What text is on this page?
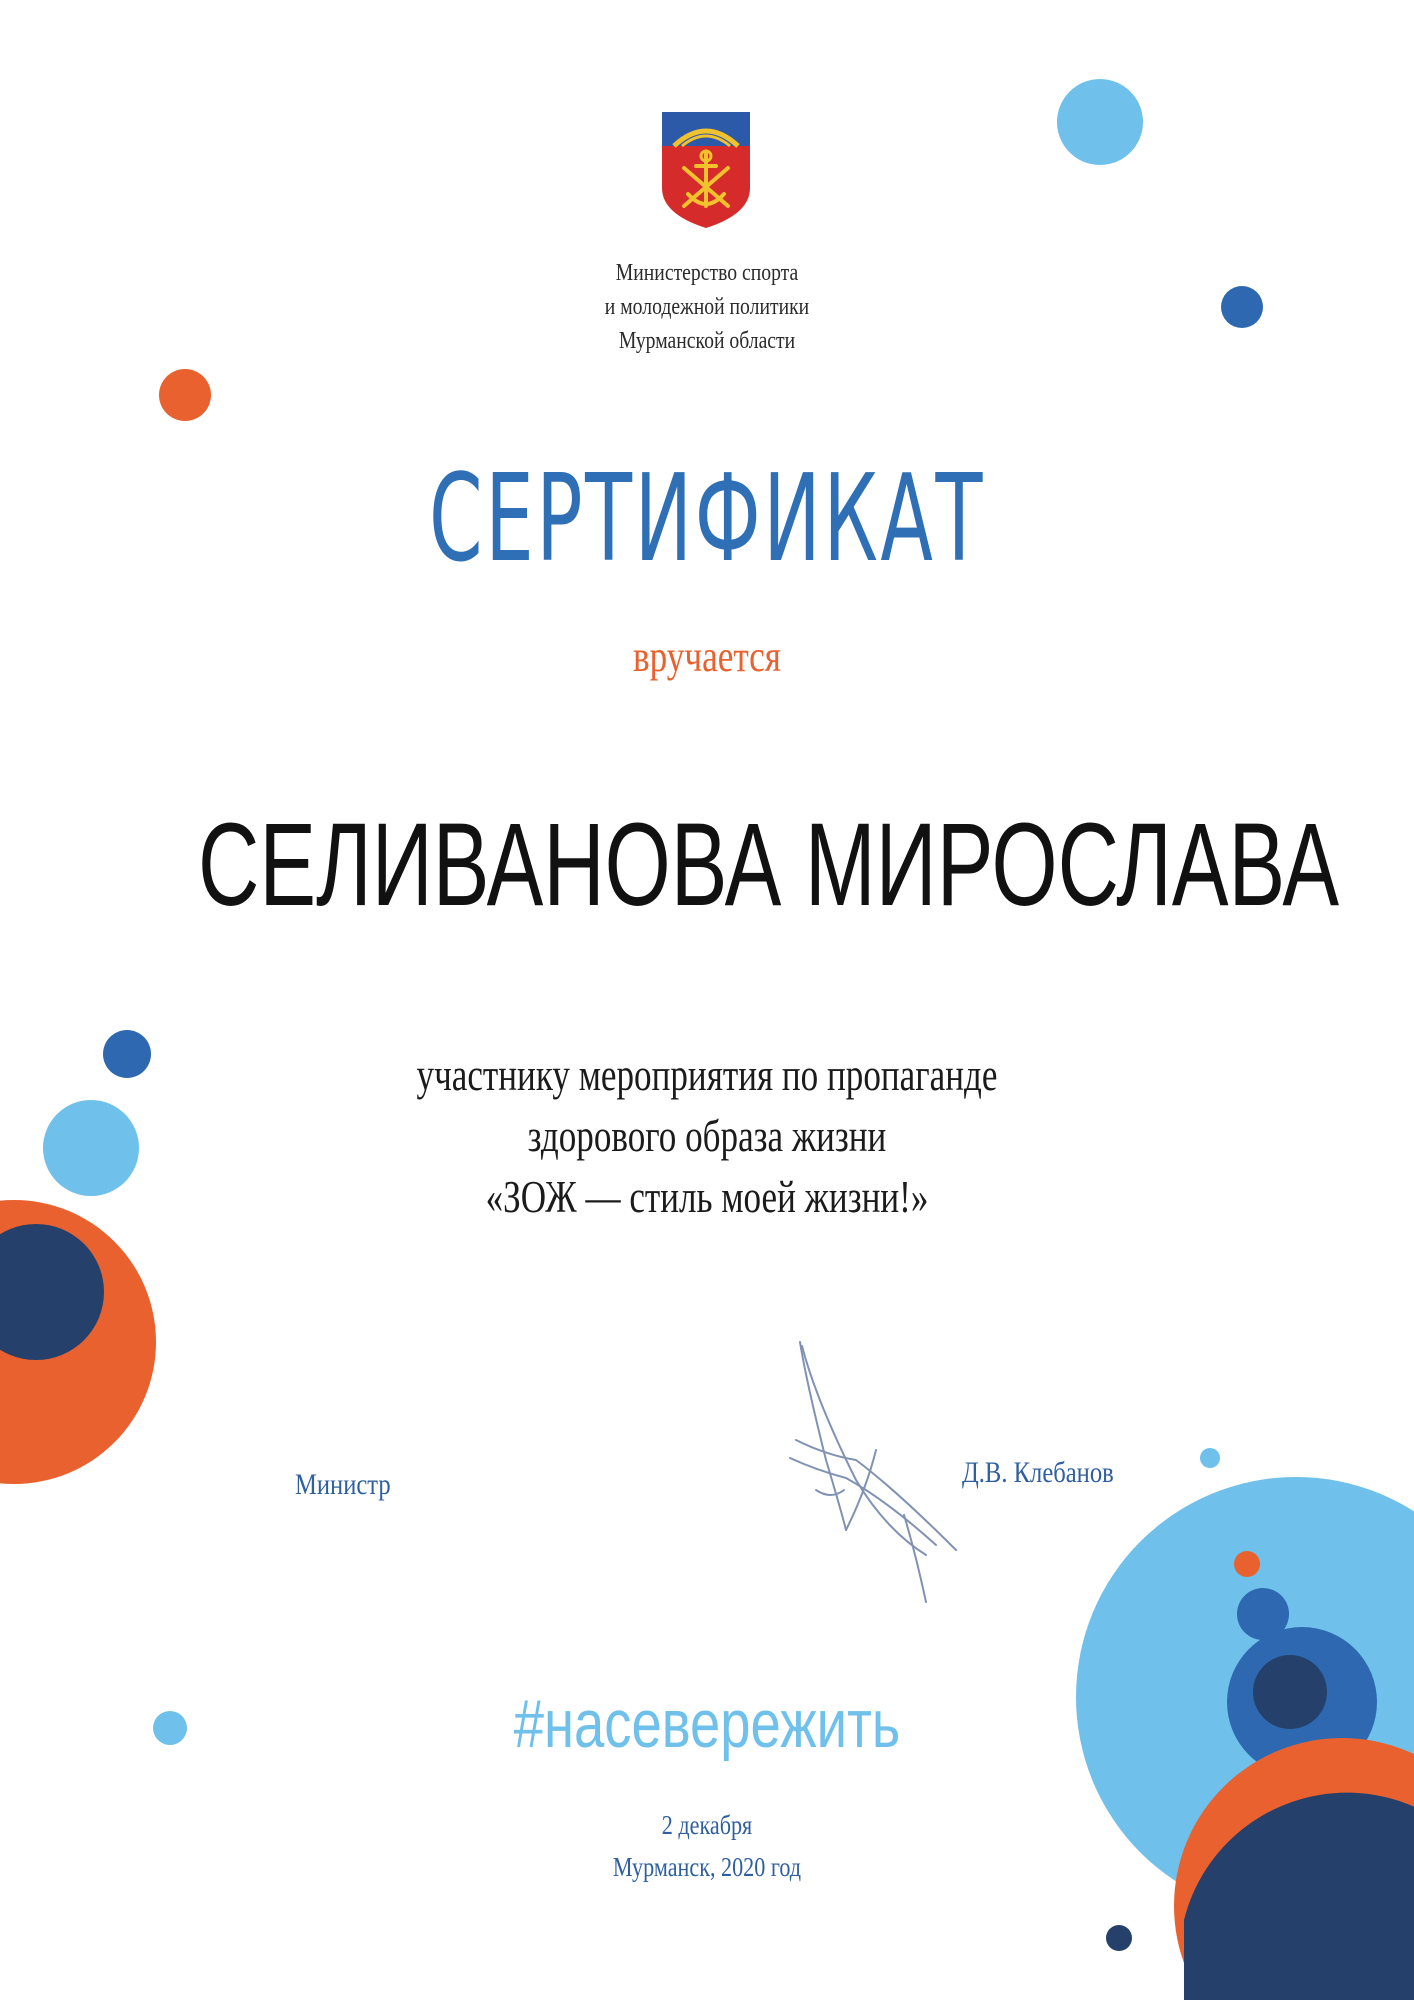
Министерство спорта
и молодежной политики
Мурманской области
СЕРТИФИКАТ
вручается
СЕЛИВАНОВА МИРОСЛАВА
участнику мероприятия по пропаганде
здорового образа жизни
«ЗОЖ — стиль моей жизни!»
Министр	Д.В. Клебанов
#насевережить
2 декабря
Мурманск, 2020 год
